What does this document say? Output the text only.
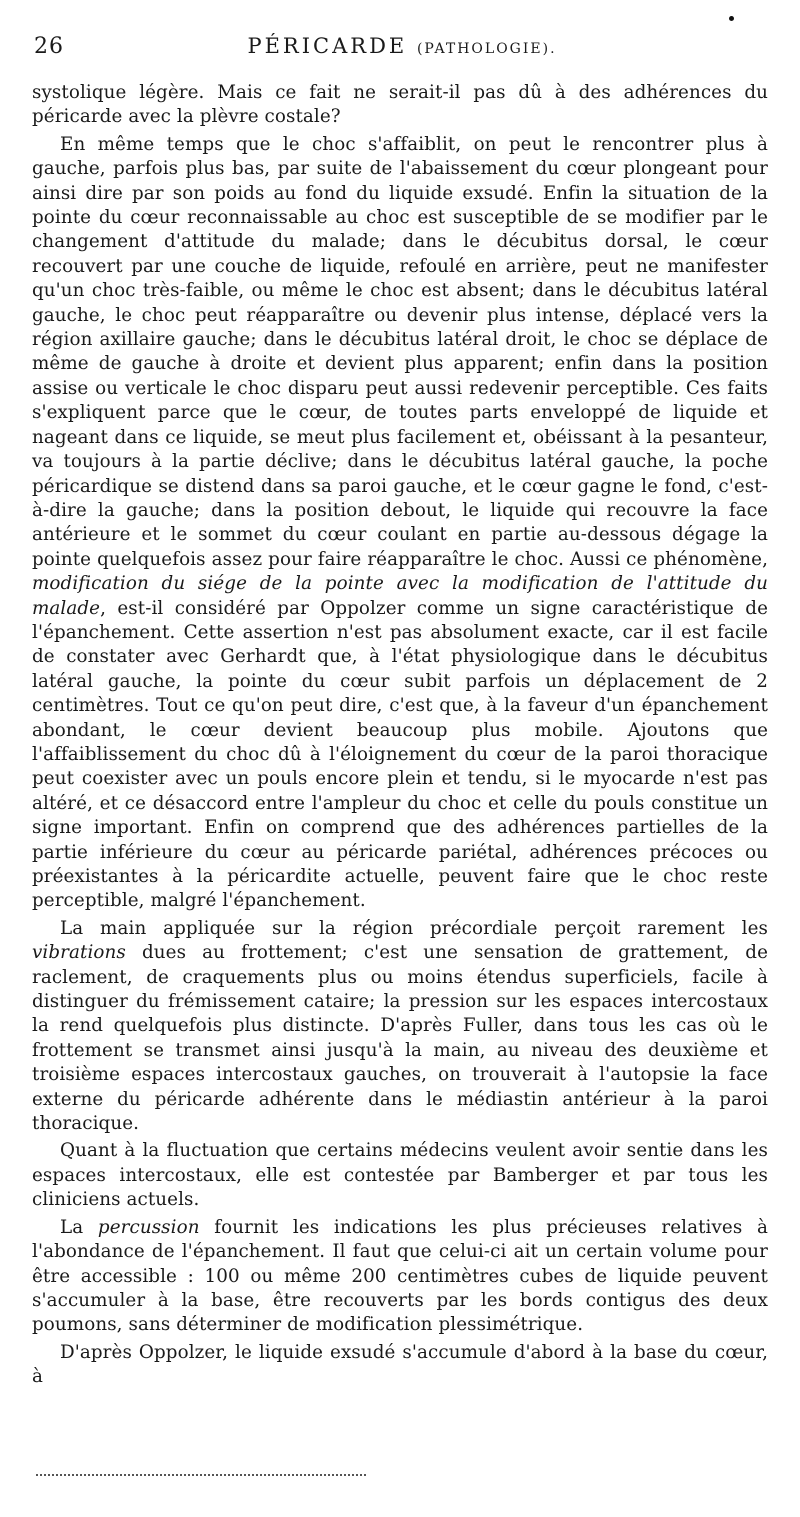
26	PÉRICARDE (PATHOLOGIE).

systolique légère. Mais ce fait ne serait-il pas dû à des adhérences du péricarde avec la plèvre costale?

En même temps que le choc s'affaiblit, on peut le rencontrer plus à gauche, parfois plus bas, par suite de l'abaissement du cœur plongeant pour ainsi dire par son poids au fond du liquide exsudé. Enfin la situation de la pointe du cœur reconnaissable au choc est susceptible de se modifier par le changement d'attitude du malade; dans le décubitus dorsal, le cœur recouvert par une couche de liquide, refoulé en arrière, peut ne manifester qu'un choc très-faible, ou même le choc est absent; dans le décubitus latéral gauche, le choc peut réapparaître ou devenir plus intense, déplacé vers la région axillaire gauche; dans le décubitus latéral droit, le choc se déplace de même de gauche à droite et devient plus apparent; enfin dans la position assise ou verticale le choc disparu peut aussi redevenir perceptible. Ces faits s'expliquent parce que le cœur, de toutes parts enveloppé de liquide et nageant dans ce liquide, se meut plus facilement et, obéissant à la pesanteur, va toujours à la partie déclive; dans le décubitus latéral gauche, la poche péricardique se distend dans sa paroi gauche, et le cœur gagne le fond, c'est-à-dire la gauche; dans la position debout, le liquide qui recouvre la face antérieure et le sommet du cœur coulant en partie au-dessous dégage la pointe quelquefois assez pour faire réapparaître le choc. Aussi ce phénomène, modification du siége de la pointe avec la modification de l'attitude du malade, est-il considéré par Oppolzer comme un signe caractéristique de l'épanchement. Cette assertion n'est pas absolument exacte, car il est facile de constater avec Gerhardt que, à l'état physiologique dans le décubitus latéral gauche, la pointe du cœur subit parfois un déplacement de 2 centimètres. Tout ce qu'on peut dire, c'est que, à la faveur d'un épanchement abondant, le cœur devient beaucoup plus mobile. Ajoutons que l'affaiblissement du choc dû à l'éloignement du cœur de la paroi thoracique peut coexister avec un pouls encore plein et tendu, si le myocarde n'est pas altéré, et ce désaccord entre l'ampleur du choc et celle du pouls constitue un signe important. Enfin on comprend que des adhérences partielles de la partie inférieure du cœur au péricarde pariétal, adhérences précoces ou préexistantes à la péricardite actuelle, peuvent faire que le choc reste perceptible, malgré l'épanchement.

La main appliquée sur la région précordiale perçoit rarement les vibrations dues au frottement; c'est une sensation de grattement, de raclement, de craquements plus ou moins étendus superficiels, facile à distinguer du frémissement cataire; la pression sur les espaces intercostaux la rend quelquefois plus distincte. D'après Fuller, dans tous les cas où le frottement se transmet ainsi jusqu'à la main, au niveau des deuxième et troisième espaces intercostaux gauches, on trouverait à l'autopsie la face externe du péricarde adhérente dans le médiastin antérieur à la paroi thoracique.

Quant à la fluctuation que certains médecins veulent avoir sentie dans les espaces intercostaux, elle est contestée par Bamberger et par tous les cliniciens actuels.

La percussion fournit les indications les plus précieuses relatives à l'abondance de l'épanchement. Il faut que celui-ci ait un certain volume pour être accessible : 100 ou même 200 centimètres cubes de liquide peuvent s'accumuler à la base, être recouverts par les bords contigus des deux poumons, sans déterminer de modification plessimétrique.

D'après Oppolzer, le liquide exsudé s'accumule d'abord à la base du cœur, à
